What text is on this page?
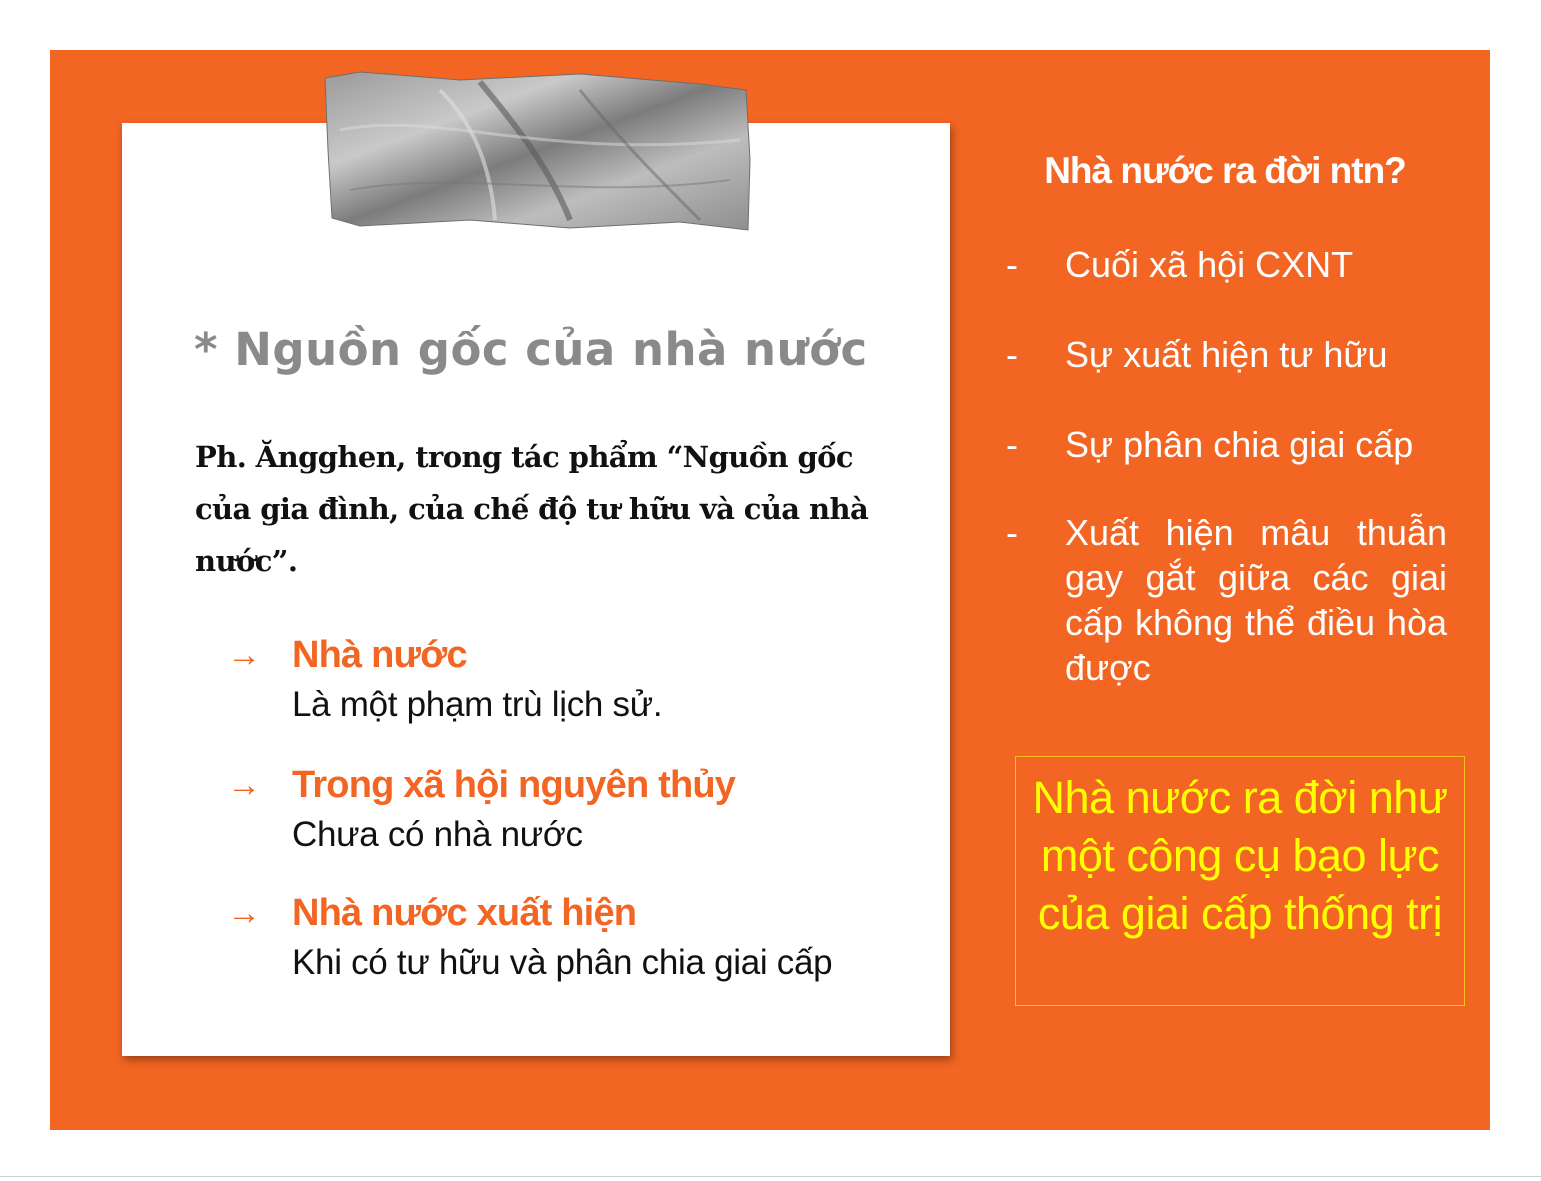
* Nguồn gốc của nhà nước
Ph. Ăngghen, trong tác phẩm “Nguồn gốc của gia đình, của chế độ tư hữu và của nhà nước”.
→ Nhà nước
Là một phạm trù lịch sử.
→ Trong xã hội nguyên thủy
Chưa có nhà nước
→ Nhà nước xuất hiện
Khi có tư hữu và phân chia giai cấp
Nhà nước ra đời ntn?
- Cuối xã hội CXNT
- Sự xuất hiện tư hữu
- Sự phân chia giai cấp
- Xuất hiện mâu thuẫn gay gắt giữa các giai cấp không thể điều hòa được
Nhà nước ra đời như một công cụ bạo lực của giai cấp thống trị
